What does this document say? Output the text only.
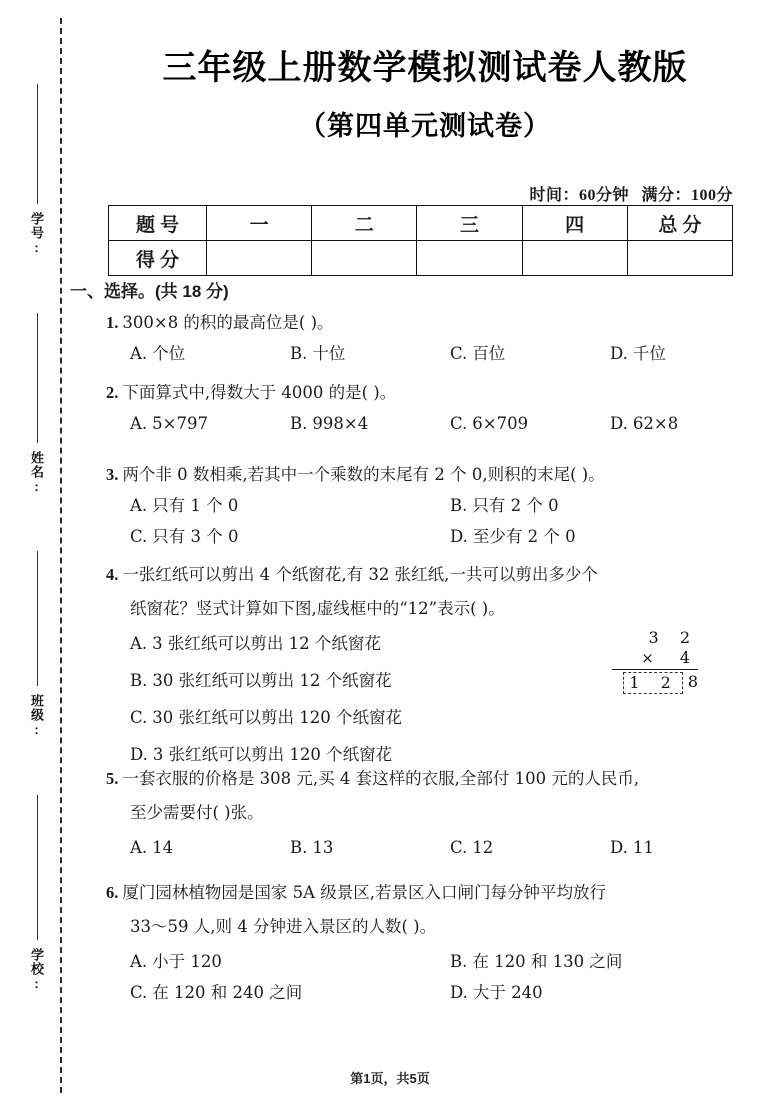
学号:
姓名:
班级:
学校:
三年级上册数学模拟测试卷人教版
（第四单元测试卷）
时间：60分钟 满分：100分
题号	一	二	三	四	总分
得分					
一、选择。(共 18 分)
1. 300×8 的积的最高位是( )。
A. 个位	B. 十位	C. 百位	D. 千位
2. 下面算式中,得数大于 4000 的是( )。
A. 5×797	B. 998×4	C. 6×709	D. 62×8
3. 两个非 0 数相乘,若其中一个乘数的末尾有 2 个 0,则积的末尾( )。
A. 只有 1 个 0	B. 只有 2 个 0
C. 只有 3 个 0	D. 至少有 2 个 0
4. 一张红纸可以剪出 4 个纸窗花,有 32 张红纸,一共可以剪出多少个
纸窗花？竖式计算如下图,虚线框中的“12”表示( )。
A. 3 张红纸可以剪出 12 个纸窗花
B. 30 张红纸可以剪出 12 个纸窗花
C. 30 张红纸可以剪出 120 个纸窗花
D. 3 张红纸可以剪出 120 个纸窗花
3 2
× 4
1 2 8
5. 一套衣服的价格是 308 元,买 4 套这样的衣服,全部付 100 元的人民币,
至少需要付( )张。
A. 14	B. 13	C. 12	D. 11
6. 厦门园林植物园是国家 5A 级景区,若景区入口闸门每分钟平均放行
33～59 人,则 4 分钟进入景区的人数( )。
A. 小于 120	B. 在 120 和 130 之间
C. 在 120 和 240 之间	D. 大于 240
第1页，共5页
